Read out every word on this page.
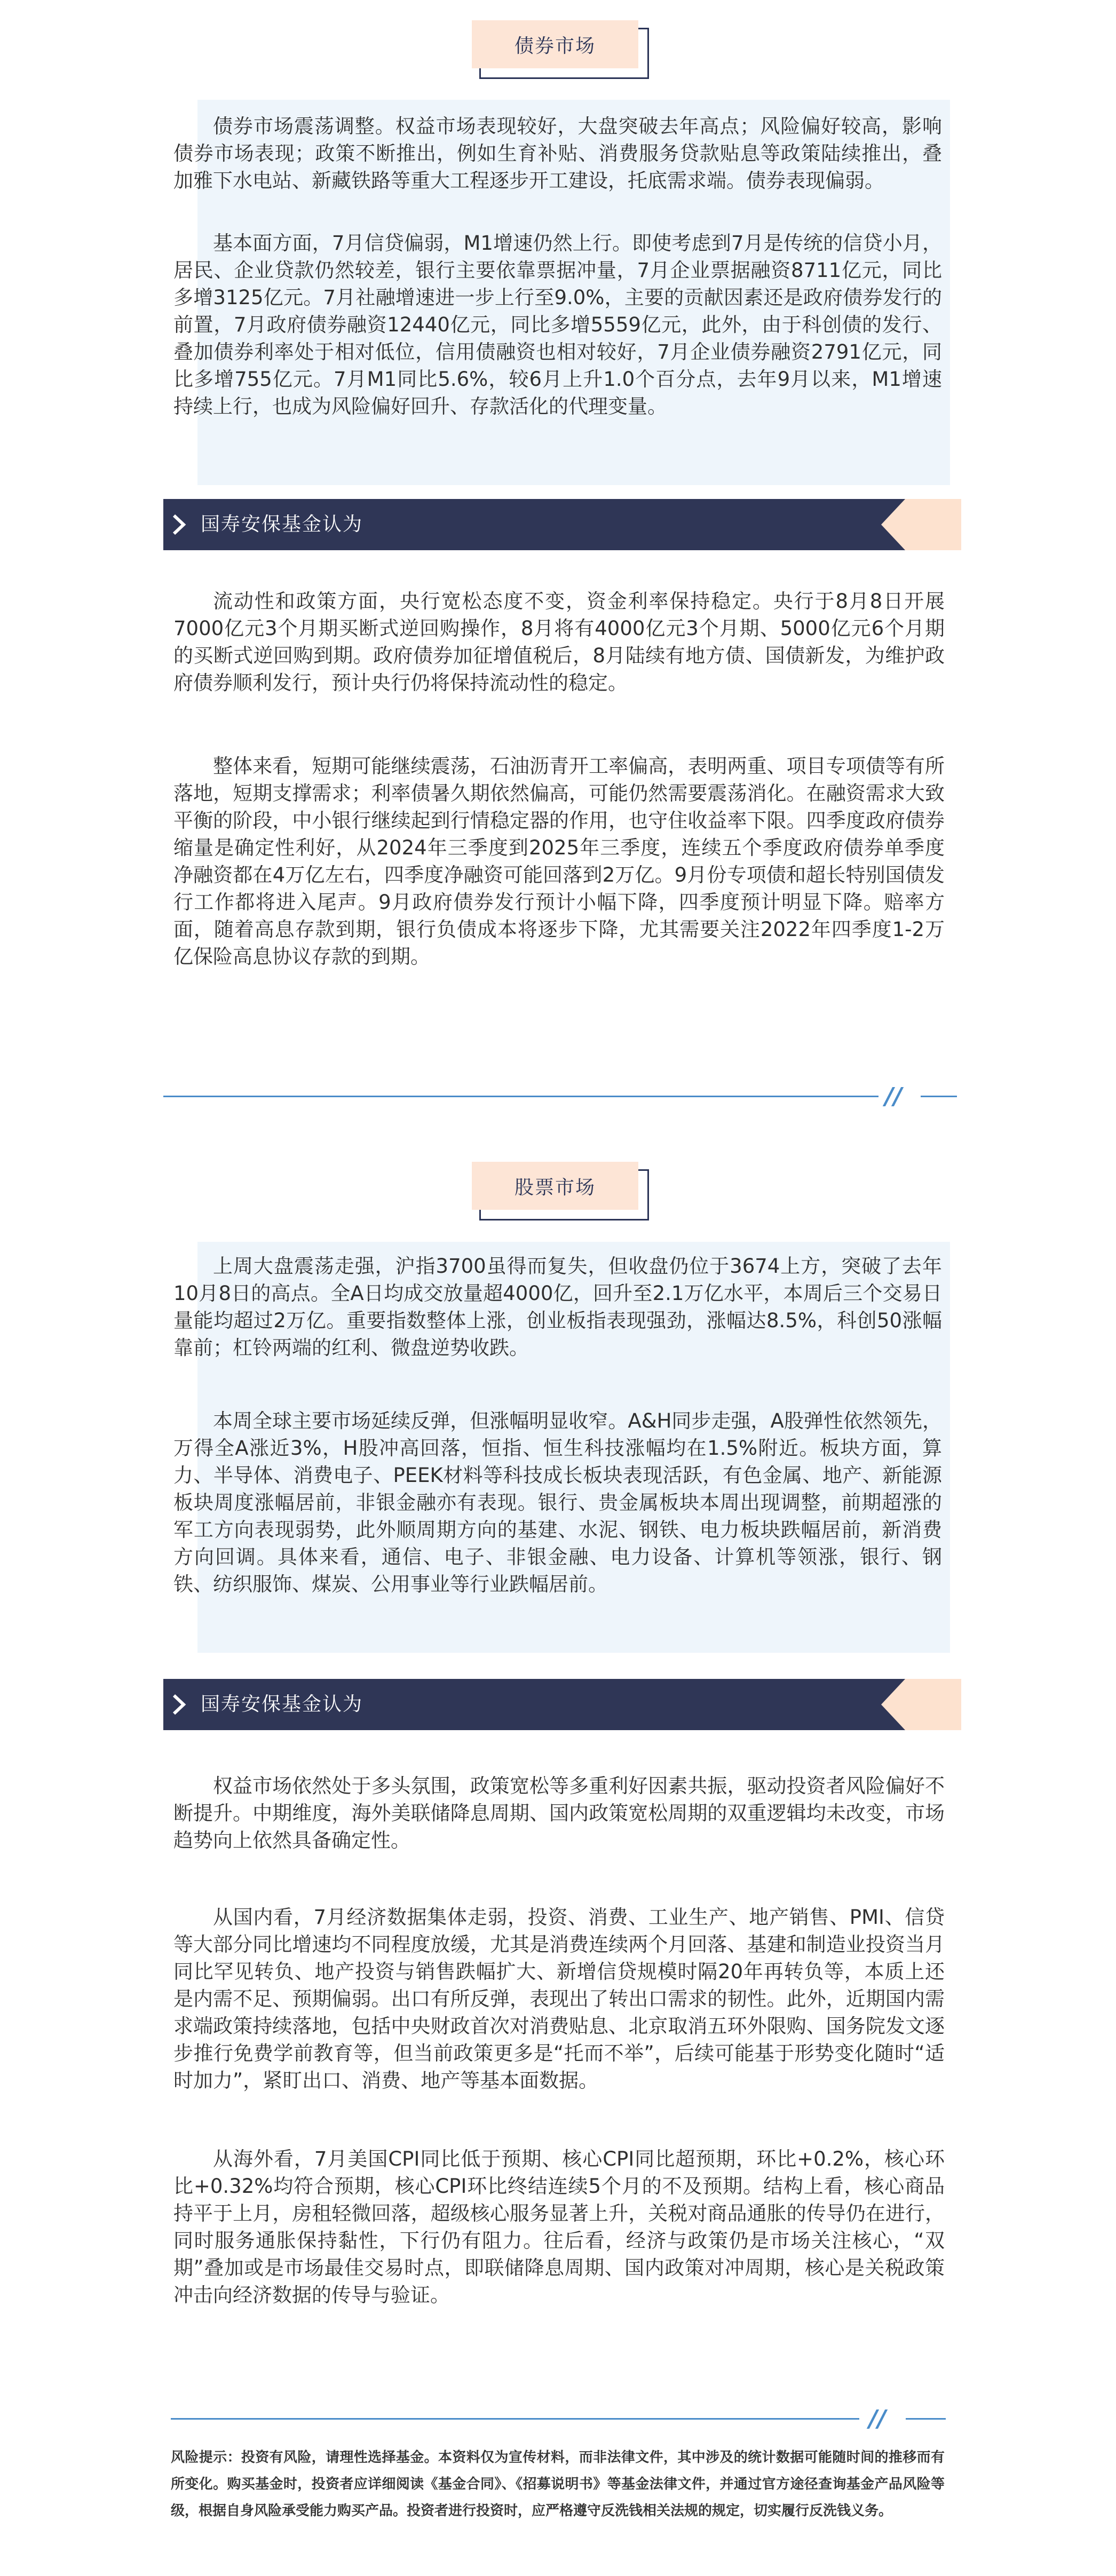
债券市场
债券市场震荡调整。权益市场表现较好，大盘突破去年高点；风险偏好较高，影响债券市场表现；政策不断推出，例如生育补贴、消费服务贷款贴息等政策陆续推出，叠加雅下水电站、新藏铁路等重大工程逐步开工建设，托底需求端。债券表现偏弱。
基本面方面，7月信贷偏弱，M1增速仍然上行。即使考虑到7月是传统的信贷小月，居民、企业贷款仍然较差，银行主要依靠票据冲量，7月企业票据融资8711亿元，同比多增3125亿元。7月社融增速进一步上行至9.0%，主要的贡献因素还是政府债券发行的前置，7月政府债券融资12440亿元，同比多增5559亿元，此外，由于科创债的发行、叠加债券利率处于相对低位，信用债融资也相对较好，7月企业债券融资2791亿元，同比多增755亿元。7月M1同比5.6%，较6月上升1.0个百分点，去年9月以来，M1增速持续上行，也成为风险偏好回升、存款活化的代理变量。
国寿安保基金认为
流动性和政策方面，央行宽松态度不变，资金利率保持稳定。央行于8月8日开展7000亿元3个月期买断式逆回购操作，8月将有4000亿元3个月期、5000亿元6个月期的买断式逆回购到期。政府债券加征增值税后，8月陆续有地方债、国债新发，为维护政府债券顺利发行，预计央行仍将保持流动性的稳定。
整体来看，短期可能继续震荡，石油沥青开工率偏高，表明两重、项目专项债等有所落地，短期支撑需求；利率债暑久期依然偏高，可能仍然需要震荡消化。在融资需求大致平衡的阶段，中小银行继续起到行情稳定器的作用，也守住收益率下限。四季度政府债券缩量是确定性利好，从2024年三季度到2025年三季度，连续五个季度政府债券单季度净融资都在4万亿左右，四季度净融资可能回落到2万亿。9月份专项债和超长特别国债发行工作都将进入尾声。9月政府债券发行预计小幅下降，四季度预计明显下降。赔率方面，随着高息存款到期，银行负债成本将逐步下降，尤其需要关注2022年四季度1-2万亿保险高息协议存款的到期。
//
股票市场
上周大盘震荡走强，沪指3700虽得而复失，但收盘仍位于3674上方，突破了去年10月8日的高点。全A日均成交放量超4000亿，回升至2.1万亿水平，本周后三个交易日量能均超过2万亿。重要指数整体上涨，创业板指表现强劲，涨幅达8.5%，科创50涨幅靠前；杠铃两端的红利、微盘逆势收跌。
本周全球主要市场延续反弹，但涨幅明显收窄。A&H同步走强，A股弹性依然领先，万得全A涨近3%，H股冲高回落，恒指、恒生科技涨幅均在1.5%附近。板块方面，算力、半导体、消费电子、PEEK材料等科技成长板块表现活跃，有色金属、地产、新能源板块周度涨幅居前，非银金融亦有表现。银行、贵金属板块本周出现调整，前期超涨的军工方向表现弱势，此外顺周期方向的基建、水泥、钢铁、电力板块跌幅居前，新消费方向回调。具体来看，通信、电子、非银金融、电力设备、计算机等领涨，银行、钢铁、纺织服饰、煤炭、公用事业等行业跌幅居前。
国寿安保基金认为
权益市场依然处于多头氛围，政策宽松等多重利好因素共振，驱动投资者风险偏好不断提升。中期维度，海外美联储降息周期、国内政策宽松周期的双重逻辑均未改变，市场趋势向上依然具备确定性。
从国内看，7月经济数据集体走弱，投资、消费、工业生产、地产销售、PMI、信贷等大部分同比增速均不同程度放缓，尤其是消费连续两个月回落、基建和制造业投资当月同比罕见转负、地产投资与销售跌幅扩大、新增信贷规模时隔20年再转负等，本质上还是内需不足、预期偏弱。出口有所反弹，表现出了转出口需求的韧性。此外，近期国内需求端政策持续落地，包括中央财政首次对消费贴息、北京取消五环外限购、国务院发文逐步推行免费学前教育等，但当前政策更多是“托而不举”，后续可能基于形势变化随时“适时加力”，紧盯出口、消费、地产等基本面数据。
从海外看，7月美国CPI同比低于预期、核心CPI同比超预期，环比+0.2%，核心环比+0.32%均符合预期，核心CPI环比终结连续5个月的不及预期。结构上看，核心商品持平于上月，房租轻微回落，超级核心服务显著上升，关税对商品通胀的传导仍在进行，同时服务通胀保持黏性，下行仍有阻力。往后看，经济与政策仍是市场关注核心，“双期”叠加或是市场最佳交易时点，即联储降息周期、国内政策对冲周期，核心是关税政策冲击向经济数据的传导与验证。
//
风险提示：投资有风险，请理性选择基金。本资料仅为宣传材料，而非法律文件，其中涉及的统计数据可能随时间的推移而有所变化。购买基金时，投资者应详细阅读《基金合同》、《招募说明书》等基金法律文件，并通过官方途径查询基金产品风险等级，根据自身风险承受能力购买产品。投资者进行投资时，应严格遵守反洗钱相关法规的规定，切实履行反洗钱义务。
